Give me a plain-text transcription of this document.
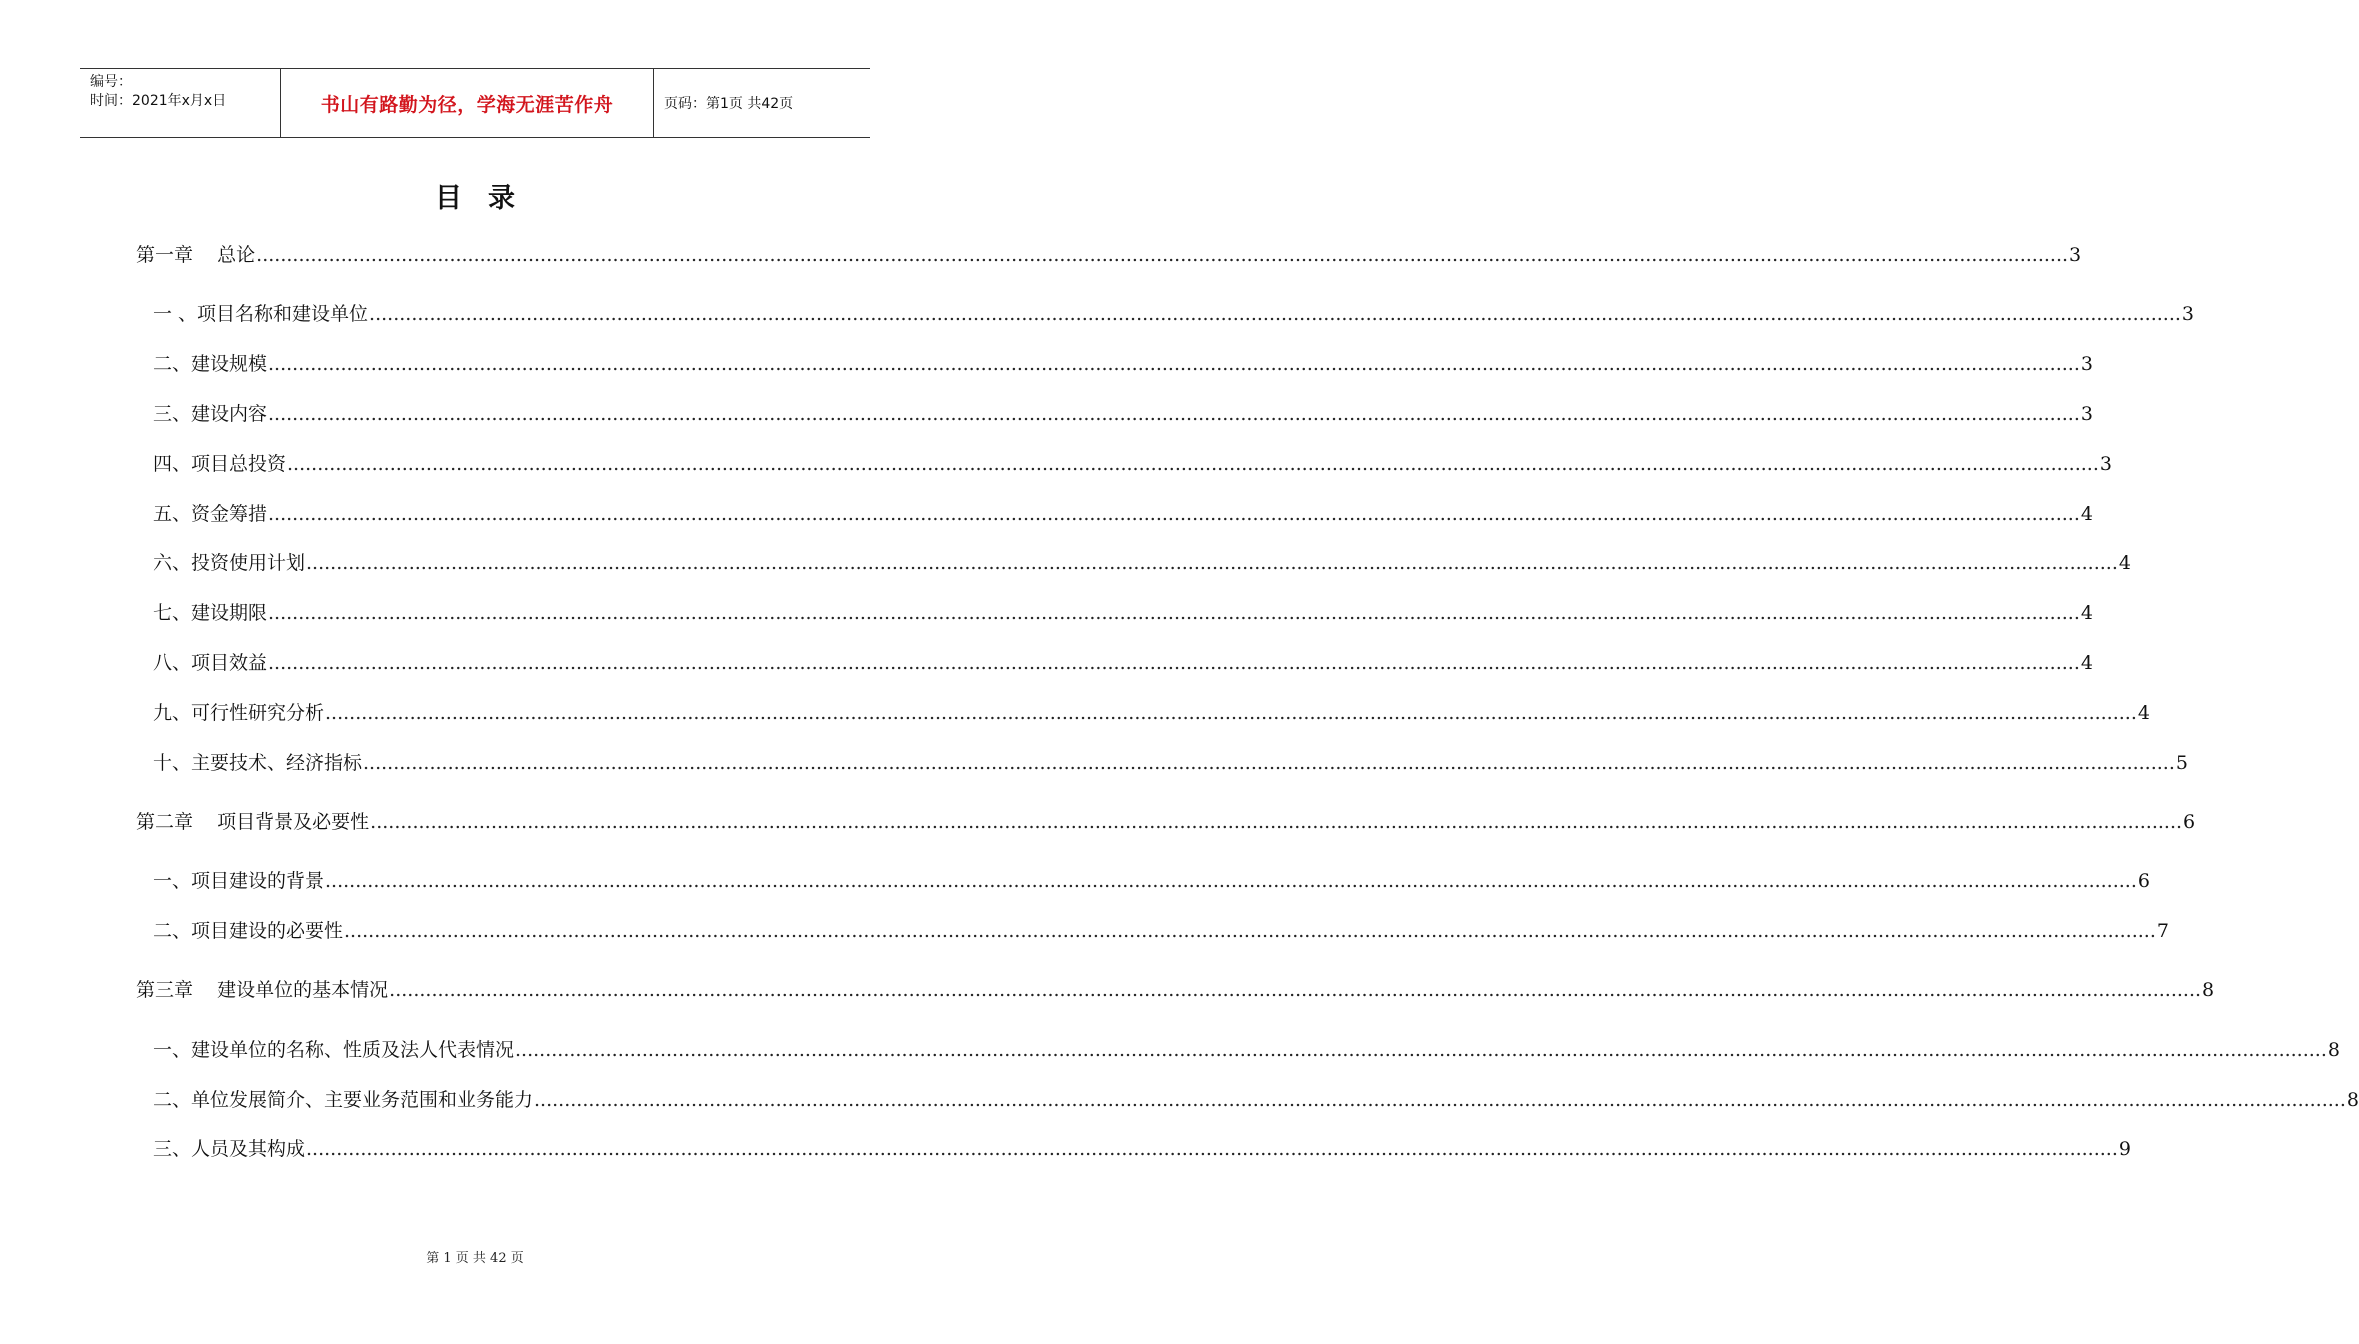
编号：
时间：2021年x月x日	书山有路勤为径，学海无涯苦作舟	页码：第1页 共42页
目录
第一章    总论 ............................................................................................................................................................................................................................................................................................................ 3
一 、项目名称和建设单位 ............................................................................................................................................................................................................................................................................................................ 3
二、建设规模 ............................................................................................................................................................................................................................................................................................................ 3
三、建设内容 ............................................................................................................................................................................................................................................................................................................ 3
四、项目总投资 ............................................................................................................................................................................................................................................................................................................ 3
五、资金筹措 ............................................................................................................................................................................................................................................................................................................ 4
六、投资使用计划 ............................................................................................................................................................................................................................................................................................................ 4
七、建设期限 ............................................................................................................................................................................................................................................................................................................ 4
八、项目效益 ............................................................................................................................................................................................................................................................................................................ 4
九、可行性研究分析 ............................................................................................................................................................................................................................................................................................................ 4
十、主要技术、经济指标 ............................................................................................................................................................................................................................................................................................................ 5
第二章    项目背景及必要性 ............................................................................................................................................................................................................................................................................................................ 6
一、项目建设的背景 ............................................................................................................................................................................................................................................................................................................ 6
二、项目建设的必要性 ............................................................................................................................................................................................................................................................................................................ 7
第三章    建设单位的基本情况 ............................................................................................................................................................................................................................................................................................................ 8
一、建设单位的名称、性质及法人代表情况 ............................................................................................................................................................................................................................................................................................................ 8
二、单位发展简介、主要业务范围和业务能力 ............................................................................................................................................................................................................................................................................................................ 8
三、人员及其构成 ............................................................................................................................................................................................................................................................................................................ 9
第 1 页 共 42 页
